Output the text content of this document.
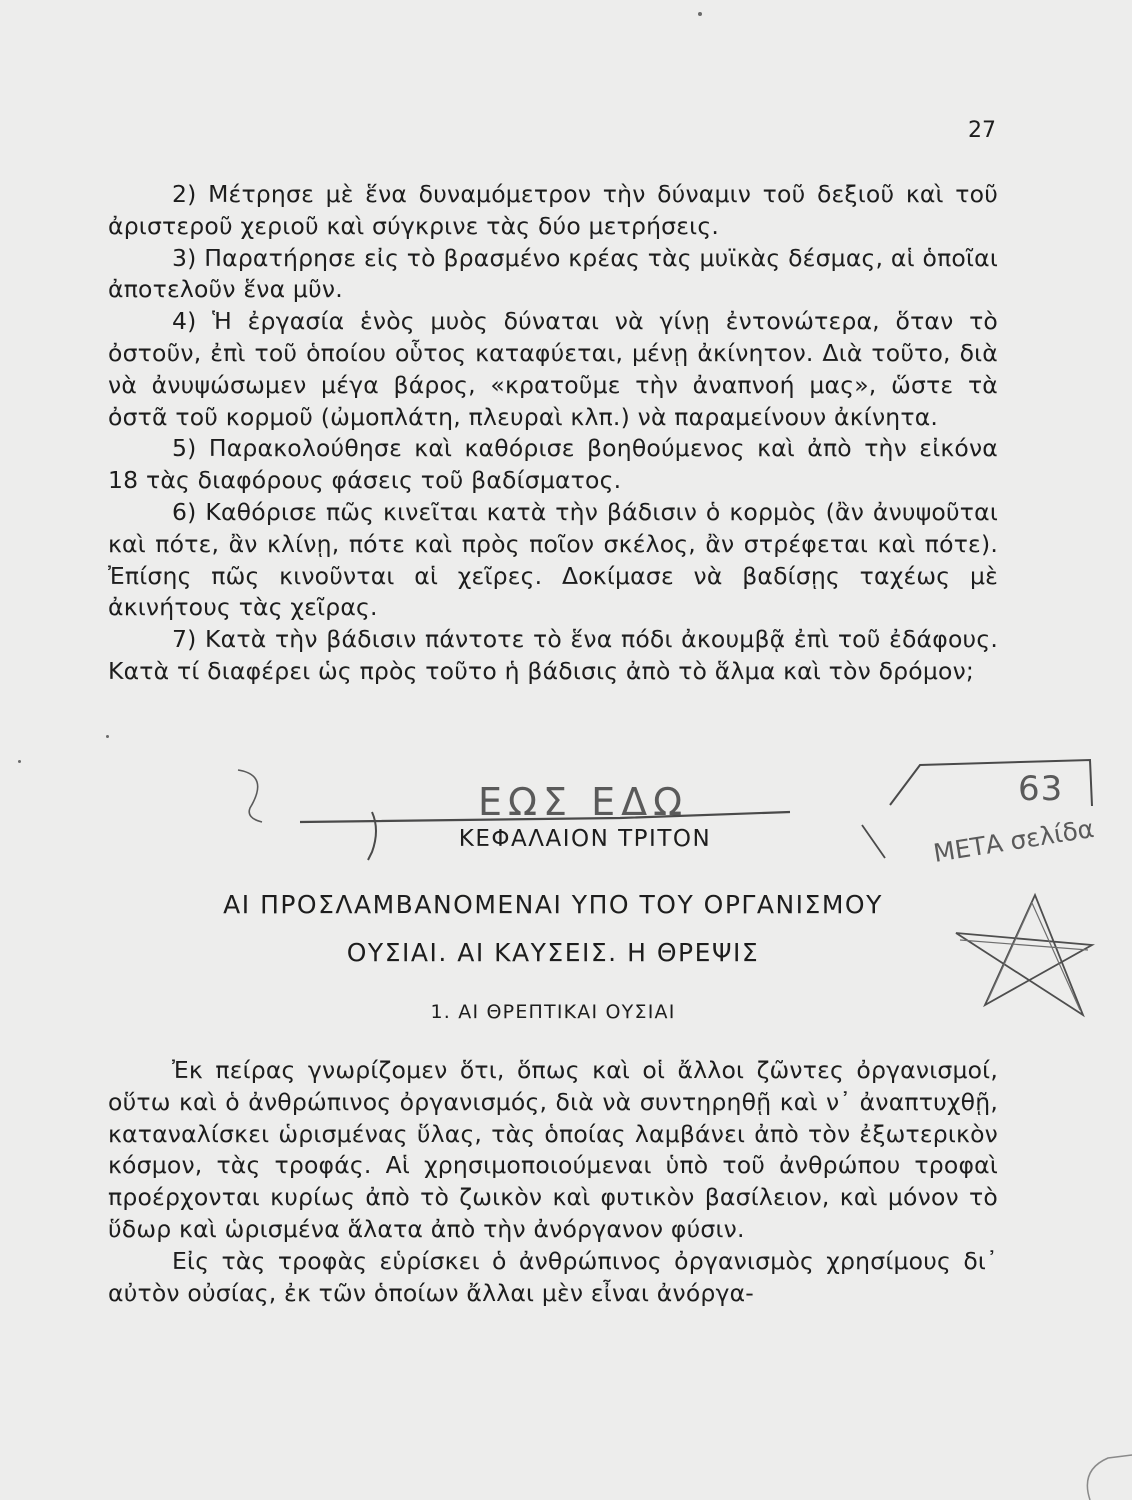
27

2) Μέτρησε μὲ ἕνα δυναμόμετρον τὴν δύναμιν τοῦ δεξιοῦ καὶ τοῦ ἀριστεροῦ χεριοῦ καὶ σύγκρινε τὰς δύο μετρήσεις.

3) Παρατήρησε εἰς τὸ βρασμένο κρέας τὰς μυϊκὰς δέσμας, αἱ ὁποῖαι ἀποτελοῦν ἕνα μῦν.

4) Ἡ ἐργασία ἑνὸς μυὸς δύναται νὰ γίνῃ ἐντονώτερα, ὅταν τὸ ὀστοῦν, ἐπὶ τοῦ ὁποίου οὗτος καταφύεται, μένῃ ἀκίνητον. Διὰ τοῦτο, διὰ νὰ ἀνυψώσωμεν μέγα βάρος, «κρατοῦμε τὴν ἀναπνοή μας», ὥστε τὰ ὀστᾶ τοῦ κορμοῦ (ὠμοπλάτη, πλευραὶ κλπ.) νὰ παραμείνουν ἀκίνητα.

5) Παρακολούθησε καὶ καθόρισε βοηθούμενος καὶ ἀπὸ τὴν εἰκόνα 18 τὰς διαφόρους φάσεις τοῦ βαδίσματος.

6) Καθόρισε πῶς κινεῖται κατὰ τὴν βάδισιν ὁ κορμὸς (ἂν ἀνυψοῦται καὶ πότε, ἂν κλίνῃ, πότε καὶ πρὸς ποῖον σκέλος, ἂν στρέφεται καὶ πότε). Ἐπίσης πῶς κινοῦνται αἱ χεῖρες. Δοκίμασε νὰ βαδίσῃς ταχέως μὲ ἀκινήτους τὰς χεῖρας.

7) Κατὰ τὴν βάδισιν πάντοτε τὸ ἕνα πόδι ἀκουμβᾷ ἐπὶ τοῦ ἐδάφους. Κατὰ τί διαφέρει ὡς πρὸς τοῦτο ἡ βάδισις ἀπὸ τὸ ἅλμα καὶ τὸν δρόμον;

ΚΕΦΑΛΑΙΟΝ ΤΡΙΤΟΝ
ΑΙ ΠΡΟΣΛΑΜΒΑΝΟΜΕΝΑΙ ΥΠΟ ΤΟΥ ΟΡΓΑΝΙΣΜΟΥ
ΟΥΣΙΑΙ. ΑΙ ΚΑΥΣΕΙΣ. Η ΘΡΕΨΙΣ
1. ΑΙ ΘΡΕΠΤΙΚΑΙ ΟΥΣΙΑΙ

Ἐκ πείρας γνωρίζομεν ὅτι, ὅπως καὶ οἱ ἄλλοι ζῶντες ὀργανισμοί, οὕτω καὶ ὁ ἀνθρώπινος ὀργανισμός, διὰ νὰ συντηρηθῇ καὶ ν᾽ ἀναπτυχθῇ, καταναλίσκει ὡρισμένας ὕλας, τὰς ὁποίας λαμβάνει ἀπὸ τὸν ἐξωτερικὸν κόσμον, τὰς τροφάς. Αἱ χρησιμοποιούμεναι ὑπὸ τοῦ ἀνθρώπου τροφαὶ προέρχονται κυρίως ἀπὸ τὸ ζωικὸν καὶ φυτικὸν βασίλειον, καὶ μόνον τὸ ὕδωρ καὶ ὡρισμένα ἅλατα ἀπὸ τὴν ἀνόργανον φύσιν.

Εἰς τὰς τροφὰς εὑρίσκει ὁ ἀνθρώπινος ὀργανισμὸς χρησίμους δι᾽ αὐτὸν οὐσίας, ἐκ τῶν ὁποίων ἄλλαι μὲν εἶναι ἀνόργα-

ΕΩΣ ΕΔΩ	63
ΜΕΤΑ σελίδα
